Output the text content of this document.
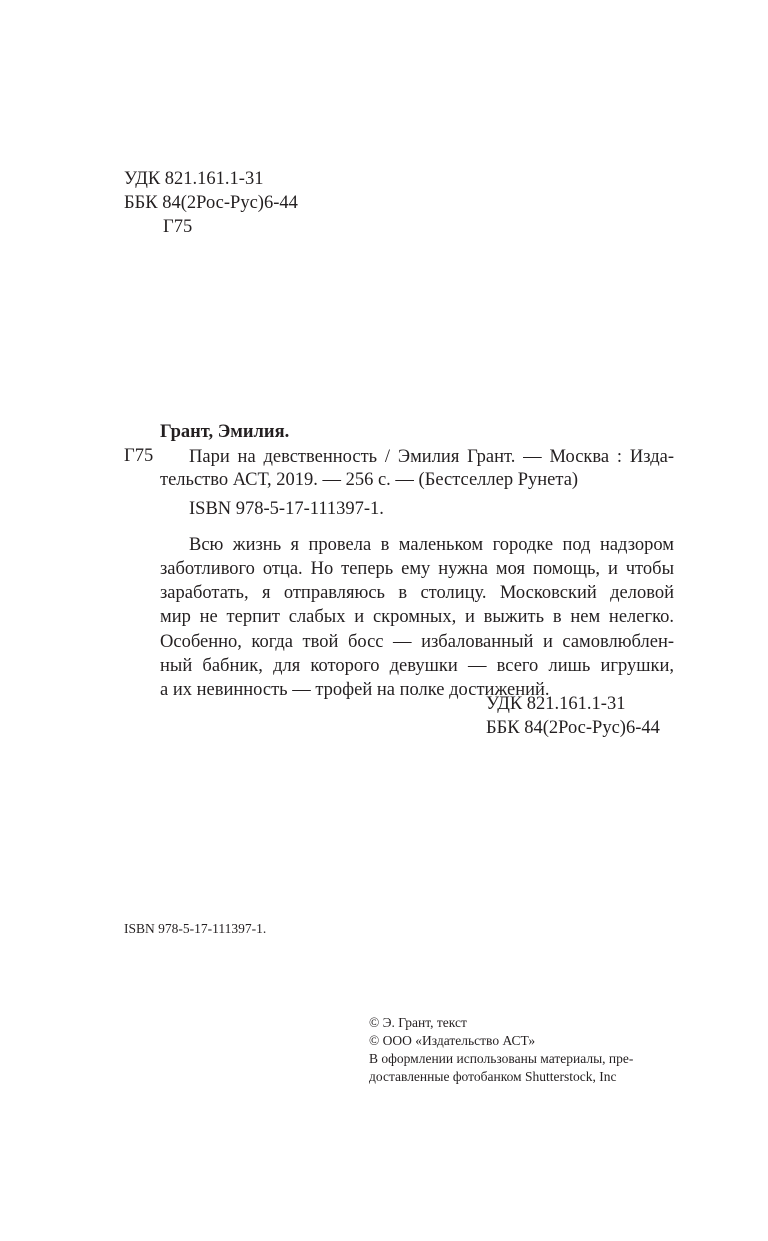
УДК 821.161.1-31
ББК 84(2Рос-Рус)6-44
Г75
Грант, Эмилия.
Г75 Пари на девственность / Эмилия Грант. — Москва : Изда-
тельство АСТ, 2019. — 256 с. — (Бестселлер Рунета)
ISBN 978-5-17-111397-1.
Всю жизнь я провела в маленьком городке под надзором
заботливого отца. Но теперь ему нужна моя помощь, и чтобы
заработать, я отправляюсь в столицу. Московский деловой
мир не терпит слабых и скромных, и выжить в нем нелегко.
Особенно, когда твой босс — избалованный и самовлюблен-
ный бабник, для которого девушки — всего лишь игрушки,
а их невинность — трофей на полке достижений.
УДК 821.161.1-31
ББК 84(2Рос-Рус)6-44
ISBN 978-5-17-111397-1.
© Э. Грант, текст
© ООО «Издательство АСТ»
В оформлении использованы материалы, пре-
доставленные фотобанком Shutterstock, Inc
